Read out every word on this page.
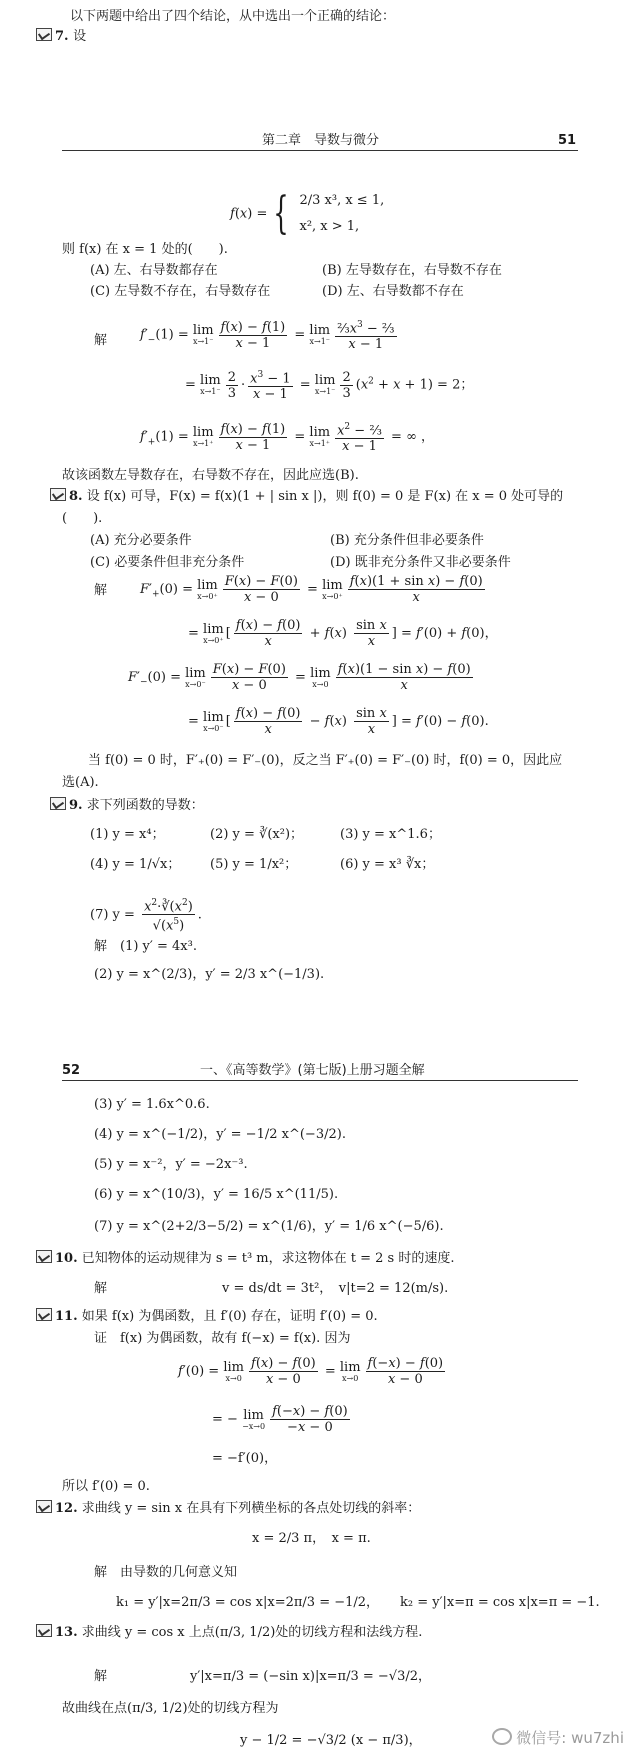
以下两题中给出了四个结论，从中选出一个正确的结论：
7. 设
第二章　导数与微分	51
f(x) = { 2/3 x³, x ≤ 1,
x², x > 1,
则 f(x) 在 x = 1 处的(　　).
(A) 左、右导数都存在	(B) 左导数存在，右导数不存在
(C) 左导数不存在，右导数存在	(D) 左、右导数都不存在
解	$f'_-(1) = \lim$
$x\to 1^- \frac{f(x) - f(1)}{x - 1} = \lim$
$x\to 1^- \frac{\frac{2}{3}x^3 - \frac{2}{3}}{x - 1}$
= lim
$x\to 1^- \frac{2}{3} \cdot \frac{x^3 - 1}{x - 1} = \lim$
$x\to 1^- \frac{2}{3} (x^2 + x + 1) = 2$；
$f'_+(1) = \lim$
$x\to 1^+ \frac{f(x) - f(1)}{x - 1} = \lim$
$x\to 1^+ \frac{x^2 - \frac{2}{3}}{x - 1}$ = ∞ ，
故该函数左导数存在，右导数不存在，因此应选(B).
8. 设 f(x) 可导，F(x) = f(x)(1 + | sin x |)，则 f(0) = 0 是 F(x) 在 x = 0 处可导的
(　　).
(A) 充分必要条件	(B) 充分条件但非必要条件
(C) 必要条件但非充分条件	(D) 既非充分条件又非必要条件
解	$F'_+(0) = \lim$
$x\to 0^+ \frac{F(x) - F(0)}{x - 0} = \lim$
$x\to 0^+ \frac{\text{f(x)(1 + sin x) − f(0)}}{x}$
= lim
x→0⁺ [ $\frac{f(x) - f(0)}{x} + f(x) \frac{\text{sin x}}{x}$ ] = f′(0) + f(0)，
$F'_-(0) = \lim$
$x\to 0^- \frac{F(x) - F(0)}{x - 0} = \lim$
$x\to 0 \frac{\text{f(x)(1 − sin x) − f(0)}}{x}$
= lim
x→0⁻ [ $\frac{f(x) - f(0)}{x} - f(x) \frac{\text{sin x}}{x}$ ] = f′(0) − f(0).
当 f(0) = 0 时，F′₊(0) = F′₋(0)，反之当 F′₊(0) = F′₋(0) 时，f(0) = 0，因此应
选(A).
9. 求下列函数的导数：
(1) y = x⁴；	(2) y = ∛(x²)；	(3) y = x^1.6；
(4) y = 1/√x； (5) y = 1/x²；	(6) y = x³ ∛x；
(7) $y = \frac{x^2\cdot∛(x^2)}{√(x^5)}$ .
解　(1) y′ = 4x³.
(2) y = x^(2/3)，y′ = 2/3 x^(−1/3).
52	一、《高等数学》(第七版)上册习题全解
(3) y′ = 1.6x^0.6.
(4) y = x^(−1/2)，y′ = −1/2 x^(−3/2).
(5) y = x⁻²，y′ = −2x⁻³.
(6) y = x^(10/3)，y′ = 16/5 x^(11/5).
(7) y = x^(2+2/3−5/2) = x^(1/6)，y′ = 1/6 x^(−5/6).
10. 已知物体的运动规律为 s = t³ m，求这物体在 t = 2 s 时的速度.
解	v = ds/dt = 3t²，　v|t=2 = 12(m/s).
11. 如果 f(x) 为偶函数，且 f′(0) 存在，证明 f′(0) = 0.
证　f(x) 为偶函数，故有 f(−x) = f(x). 因为
f′(0) = lim
$x\to 0 \frac{f(x) - f(0)}{x - 0} = \lim$
$x\to 0 \frac{f(-x) - f(0)}{x - 0}$
= − lim
$-x\to 0 \frac{f(-x) - f(0)}{-x - 0}$
= −f′(0)，
所以 f′(0) = 0.
12. 求曲线 y = sin x 在具有下列横坐标的各点处切线的斜率：
x = 2/3 π，　x = π.
解　由导数的几何意义知
k₁ = y′|x=2π/3 = cos x|x=2π/3 = −1/2， k₂ = y′|x=π = cos x|x=π = −1.
13. 求曲线 y = cos x 上点(π/3, 1/2)处的切线方程和法线方程.
解	y′|x=π/3 = (−sin x)|x=π/3 = −√3/2，
故曲线在点(π/3, 1/2)处的切线方程为
y − 1/2 = −√3/2 (x − π/3)，	微信号: wu7zhi
